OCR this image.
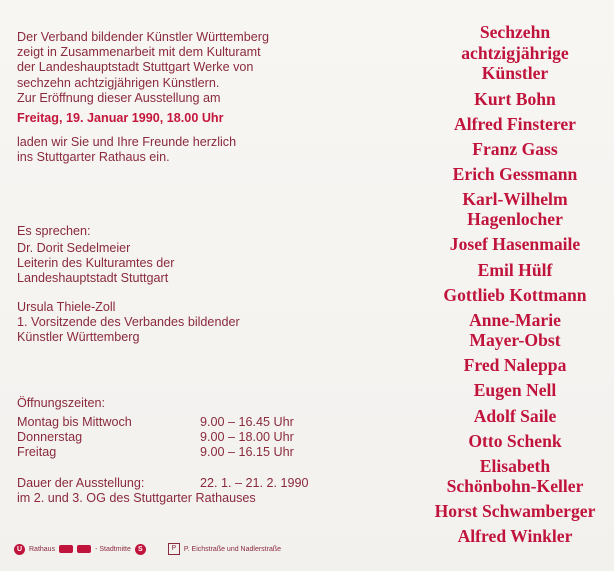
Der Verband bildender Künstler Württemberg
zeigt in Zusammenarbeit mit dem Kulturamt
der Landeshauptstadt Stuttgart Werke von
sechzehn achtzigjährigen Künstlern.
Zur Eröffnung dieser Ausstellung am
Freitag, 19. Januar 1990, 18.00 Uhr
laden wir Sie und Ihre Freunde herzlich
ins Stuttgarter Rathaus ein.
Es sprechen:
Dr. Dorit Sedelmeier
Leiterin des Kulturamtes der
Landeshauptstadt Stuttgart
Ursula Thiele-Zoll
1. Vorsitzende des Verbandes bildender
Künstler Württemberg
Öffnungszeiten:
Montag bis Mittwoch	9.00 – 16.45 Uhr
Donnerstag	9.00 – 18.00 Uhr
Freitag	9.00 – 16.15 Uhr
Dauer der Ausstellung:	22. 1. – 21. 2. 1990
im 2. und 3. OG des Stuttgarter Rathauses
Sechzehn
achtzigjährige
Künstler
Kurt Bohn
Alfred Finsterer
Franz Gass
Erich Gessmann
Karl-Wilhelm
Hagenlocher
Josef Hasenmaile
Emil Hülf
Gottlieb Kottmann
Anne-Marie
Mayer-Obst
Fred Naleppa
Eugen Nell
Adolf Saile
Otto Schenk
Elisabeth
Schönbohn-Keller
Horst Schwamberger
Alfred Winkler
U Rathaus	- Stadtmitte	S	P	P. Eichstraße und Nadlerstraße
